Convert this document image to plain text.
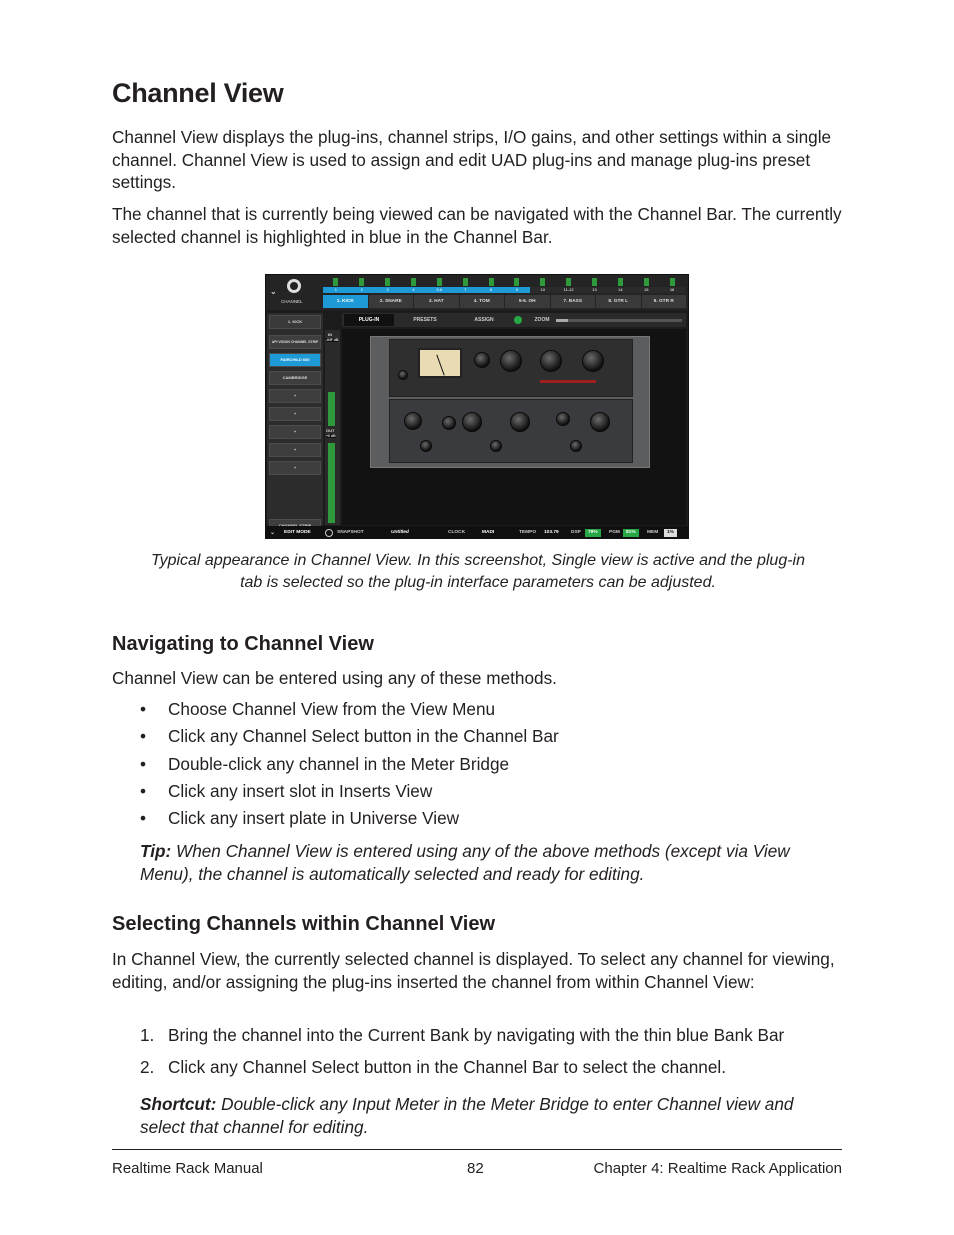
Channel View
Channel View displays the plug-ins, channel strips, I/O gains, and other settings within a single channel. Channel View is used to assign and edit UAD plug-ins and manage plug-ins preset settings.
The channel that is currently being viewed can be navigated with the Channel Bar. The currently selected channel is highlighted in blue in the Channel Bar.
⌄
CHANNEL
1	2	3	4	5-6	7	8	9	10	11-12	13	14	15	16
1. KICK	2. SNARE	3. HAT	4. TOM	5-6. OH	7. BASS	8. GTR L	9. GTR R
1. KICK
API VISION CHANNEL STRIP
FAIRCHILD 660
CAMBRIDGE
+
+
+
+
+
IN
-INF dB
OUT
+0 dB
PLUG-IN	PRESETS	ASSIGN	ZOOM
⌄ EDIT MODE	SNAPSHOT	Untitled	CLOCK	MADI	TEMPO 103.79	DSP	79%	PGM	81%	MEM	1%
Typical appearance in Channel View. In this screenshot, Single view is active and the plug-in tab is selected so the plug-in interface parameters can be adjusted.
Navigating to Channel View
Channel View can be entered using any of these methods.
• Choose Channel View from the View Menu
• Click any Channel Select button in the Channel Bar
• Double-click any channel in the Meter Bridge
• Click any insert slot in Inserts View
• Click any insert plate in Universe View
Tip: When Channel View is entered using any of the above methods (except via View Menu), the channel is automatically selected and ready for editing.
Selecting Channels within Channel View
In Channel View, the currently selected channel is displayed. To select any channel for viewing, editing, and/or assigning the plug-ins inserted the channel from within Channel View:
1. Bring the channel into the Current Bank by navigating with the thin blue Bank Bar
2. Click any Channel Select button in the Channel Bar to select the channel.
Shortcut: Double-click any Input Meter in the Meter Bridge to enter Channel view and select that channel for editing.
Realtime Rack Manual	82	Chapter 4: Realtime Rack Application
